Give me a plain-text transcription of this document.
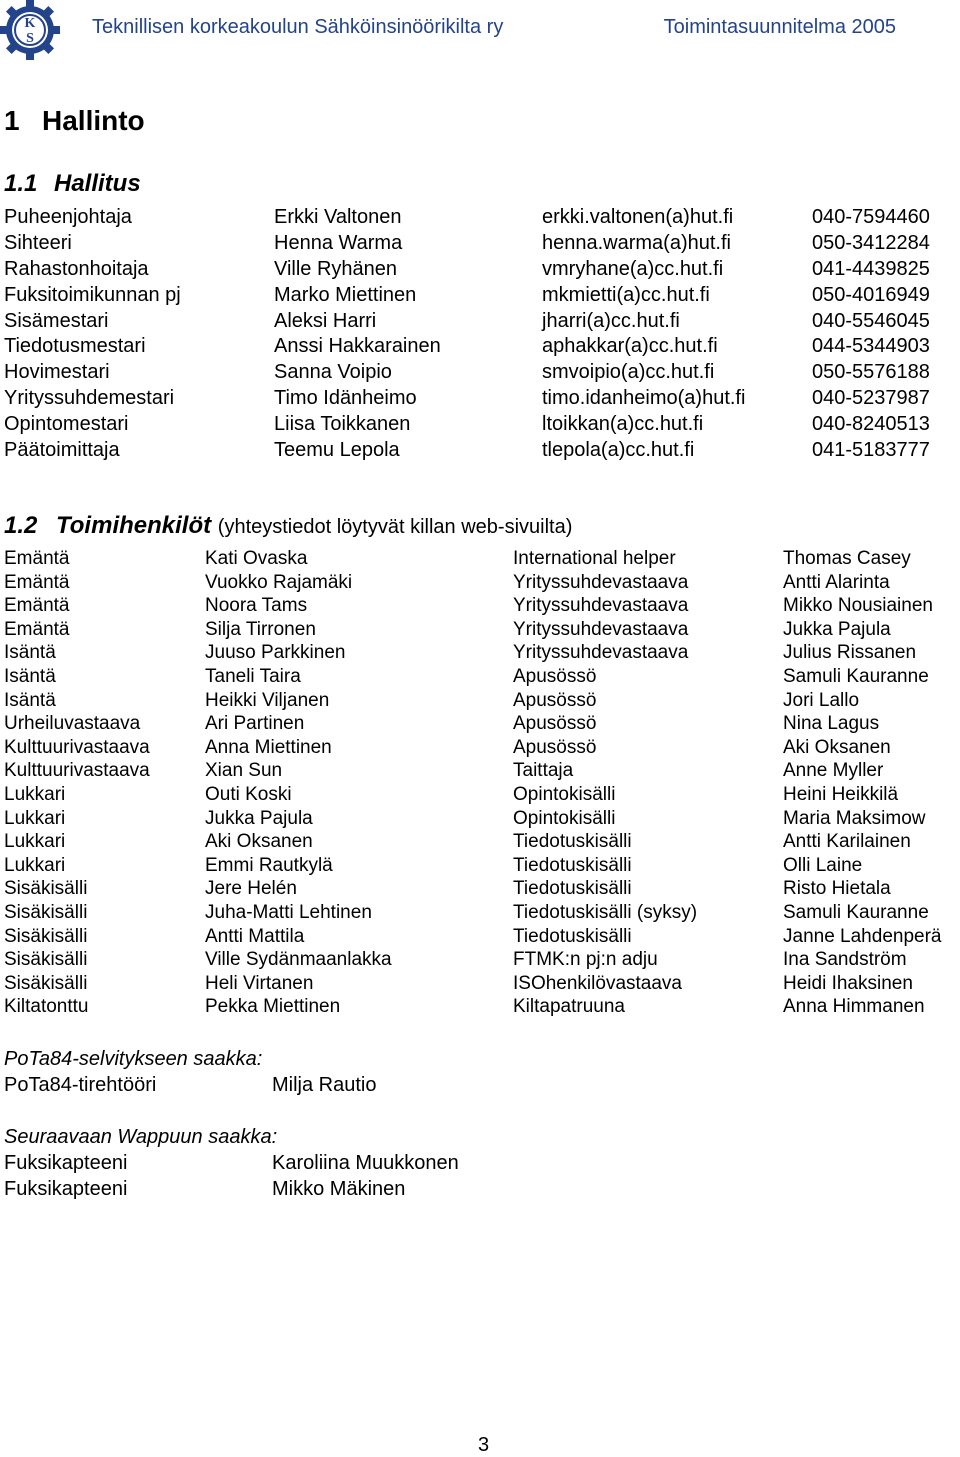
K
S
Teknillisen korkeakoulun Sähköinsinöörikilta ry	Toimintasuunnitelma 2005
1 Hallinto
1.1 Hallitus
Puheenjohtaja	Erkki Valtonen	erkki.valtonen(a)hut.fi	040-7594460
Sihteeri	Henna Warma	henna.warma(a)hut.fi	050-3412284
Rahastonhoitaja	Ville Ryhänen	vmryhane(a)cc.hut.fi	041-4439825
Fuksitoimikunnan pj	Marko Miettinen	mkmietti(a)cc.hut.fi	050-4016949
Sisämestari	Aleksi Harri	jharri(a)cc.hut.fi	040-5546045
Tiedotusmestari	Anssi Hakkarainen	aphakkar(a)cc.hut.fi	044-5344903
Hovimestari	Sanna Voipio	smvoipio(a)cc.hut.fi	050-5576188
Yrityssuhdemestari	Timo Idänheimo	timo.idanheimo(a)hut.fi	040-5237987
Opintomestari	Liisa Toikkanen	ltoikkan(a)cc.hut.fi	040-8240513
Päätoimittaja	Teemu Lepola	tlepola(a)cc.hut.fi	041-5183777
1.2 Toimihenkilöt (yhteystiedot löytyvät killan web-sivuilta)
Emäntä	Kati Ovaska	International helper	Thomas Casey
Emäntä	Vuokko Rajamäki	Yrityssuhdevastaava	Antti Alarinta
Emäntä	Noora Tams	Yrityssuhdevastaava	Mikko Nousiainen
Emäntä	Silja Tirronen	Yrityssuhdevastaava	Jukka Pajula
Isäntä	Juuso Parkkinen	Yrityssuhdevastaava	Julius Rissanen
Isäntä	Taneli Taira	Apusössö	Samuli Kauranne
Isäntä	Heikki Viljanen	Apusössö	Jori Lallo
Urheiluvastaava	Ari Partinen	Apusössö	Nina Lagus
Kulttuurivastaava	Anna Miettinen	Apusössö	Aki Oksanen
Kulttuurivastaava	Xian Sun	Taittaja	Anne Myller
Lukkari	Outi Koski	Opintokisälli	Heini Heikkilä
Lukkari	Jukka Pajula	Opintokisälli	Maria Maksimow
Lukkari	Aki Oksanen	Tiedotuskisälli	Antti Karilainen
Lukkari	Emmi Rautkylä	Tiedotuskisälli	Olli Laine
Sisäkisälli	Jere Helén	Tiedotuskisälli	Risto Hietala
Sisäkisälli	Juha-Matti Lehtinen	Tiedotuskisälli (syksy)	Samuli Kauranne
Sisäkisälli	Antti Mattila	Tiedotuskisälli	Janne Lahdenperä
Sisäkisälli	Ville Sydänmaanlakka	FTMK:n pj:n adju	Ina Sandström
Sisäkisälli	Heli Virtanen	ISOhenkilövastaava	Heidi Ihaksinen
Kiltatonttu	Pekka Miettinen	Kiltapatruuna	Anna Himmanen
PoTa84-selvitykseen saakka:
PoTa84-tirehtööri	Milja Rautio
Seuraavaan Wappuun saakka:
Fuksikapteeni	Karoliina Muukkonen
Fuksikapteeni	Mikko Mäkinen
3
